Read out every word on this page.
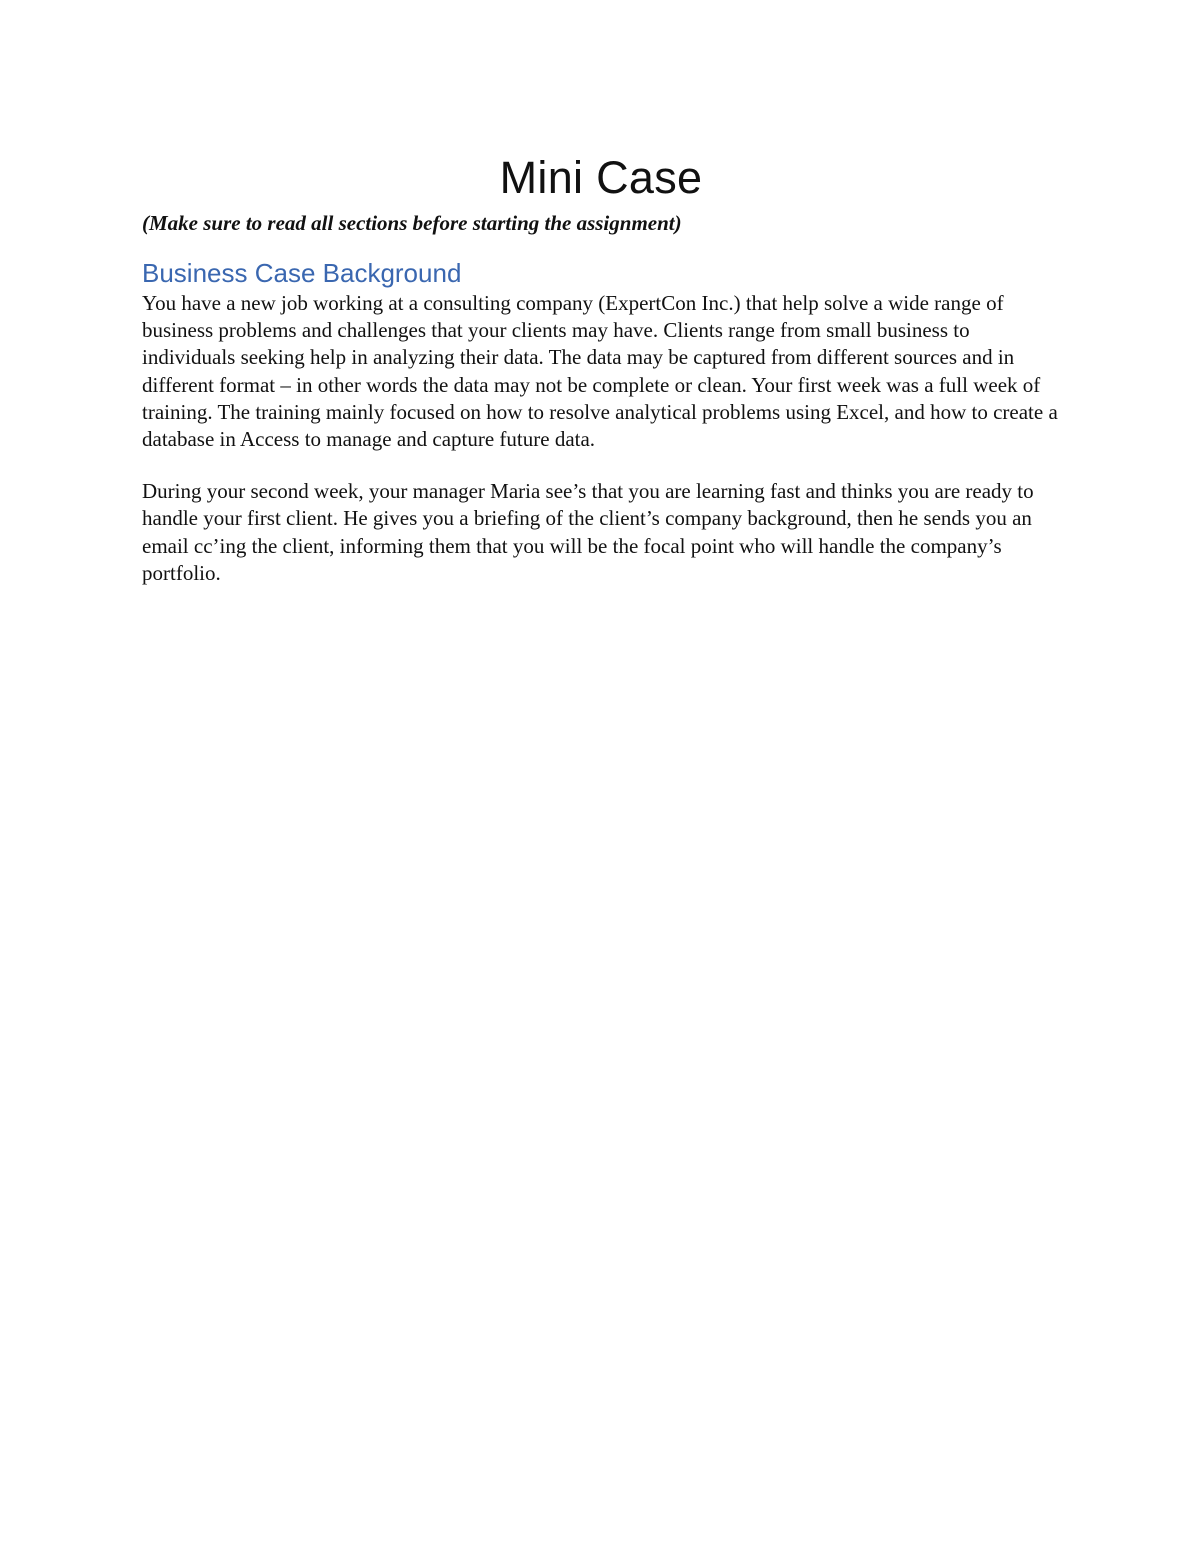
Mini Case

(Make sure to read all sections before starting the assignment)

Business Case Background

You have a new job working at a consulting company (ExpertCon Inc.) that help solve a wide range of business problems and challenges that your clients may have. Clients range from small business to individuals seeking help in analyzing their data. The data may be captured from different sources and in different format – in other words the data may not be complete or clean. Your first week was a full week of training. The training mainly focused on how to resolve analytical problems using Excel, and how to create a database in Access to manage and capture future data.

During your second week, your manager Maria see’s that you are learning fast and thinks you are ready to handle your first client. He gives you a briefing of the client’s company background, then he sends you an email cc’ing the client, informing them that you will be the focal point who will handle the company’s portfolio.
